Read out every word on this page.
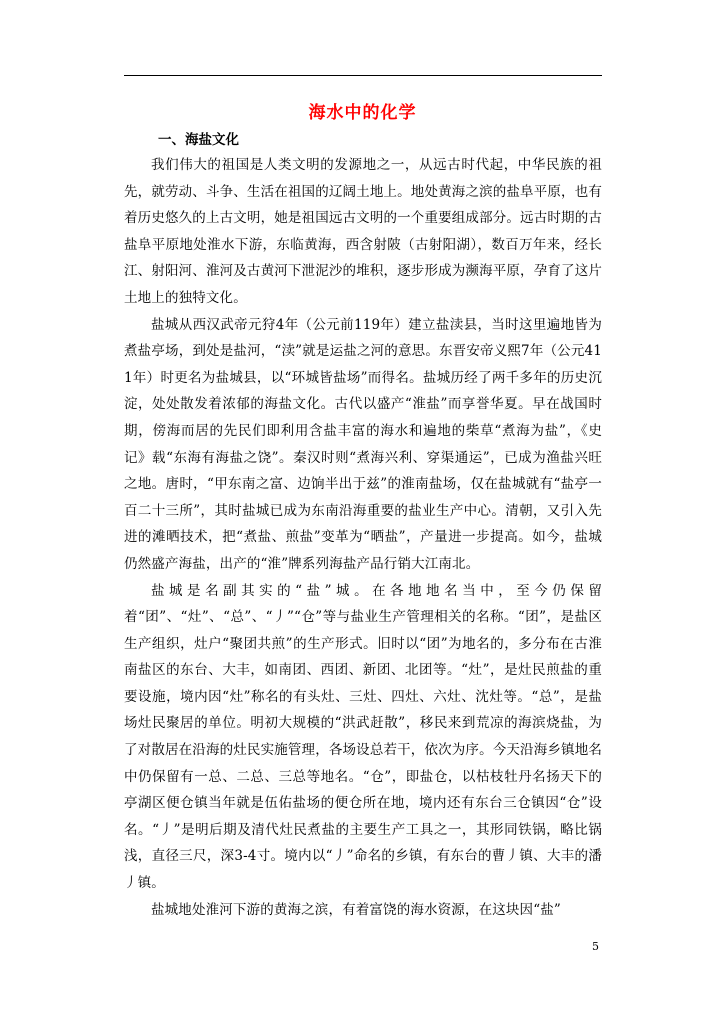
海水中的化学
一、海盐文化

我们伟大的祖国是人类文明的发源地之一，从远古时代起，中华民族的祖先，就劳动、斗争、生活在祖国的辽阔土地上。地处黄海之滨的盐阜平原，也有着历史悠久的上古文明，她是祖国远古文明的一个重要组成部分。远古时期的古盐阜平原地处淮水下游，东临黄海，西含射陂（古射阳湖），数百万年来，经长江、射阳河、淮河及古黄河下泄泥沙的堆积，逐步形成为濒海平原，孕育了这片土地上的独特文化。

盐城从西汉武帝元狩4年（公元前119年）建立盐渎县，当时这里遍地皆为煮盐亭场，到处是盐河，“渎”就是运盐之河的意思。东晋安帝义熙7年（公元411年）时更名为盐城县，以“环城皆盐场”而得名。盐城历经了两千多年的历史沉淀，处处散发着浓郁的海盐文化。古代以盛产“淮盐”而享誉华夏。早在战国时期，傍海而居的先民们即利用含盐丰富的海水和遍地的柴草“煮海为盐”，《史记》载“东海有海盐之饶”。秦汉时则“煮海兴利、穿渠通运”，已成为渔盐兴旺之地。唐时，“甲东南之富、边饷半出于兹”的淮南盐场，仅在盐城就有“盐亭一百二十三所”，其时盐城已成为东南沿海重要的盐业生产中心。清朝，又引入先进的滩晒技术，把“煮盐、煎盐”变革为“晒盐”，产量进一步提高。如今，盐城仍然盛产海盐，出产的“淮”牌系列海盐产品行销大江南北。

盐城是名副其实的“盐”城。在各地地名当中，至今仍保留着“团”、“灶”、“总”、“丿”“仓”等与盐业生产管理相关的名称。“团”，是盐区生产组织，灶户“聚团共煎”的生产形式。旧时以“团”为地名的，多分布在古淮南盐区的东台、大丰，如南团、西团、新团、北团等。“灶”，是灶民煎盐的重要设施，境内因“灶”称名的有头灶、三灶、四灶、六灶、沈灶等。“总”，是盐场灶民聚居的单位。明初大规模的“洪武赶散”，移民来到荒凉的海滨烧盐，为了对散居在沿海的灶民实施管理，各场设总若干，依次为序。今天沿海乡镇地名中仍保留有一总、二总、三总等地名。“仓”，即盐仓，以枯枝牡丹名扬天下的亭湖区便仓镇当年就是伍佑盐场的便仓所在地，境内还有东台三仓镇因“仓”设名。“丿”是明后期及清代灶民煮盐的主要生产工具之一，其形同铁锅，略比锅浅，直径三尺，深3-4寸。境内以“丿”命名的乡镇，有东台的曹丿镇、大丰的潘丿镇。

盐城地处淮河下游的黄海之滨，有着富饶的海水资源，在这块因“盐”

5
